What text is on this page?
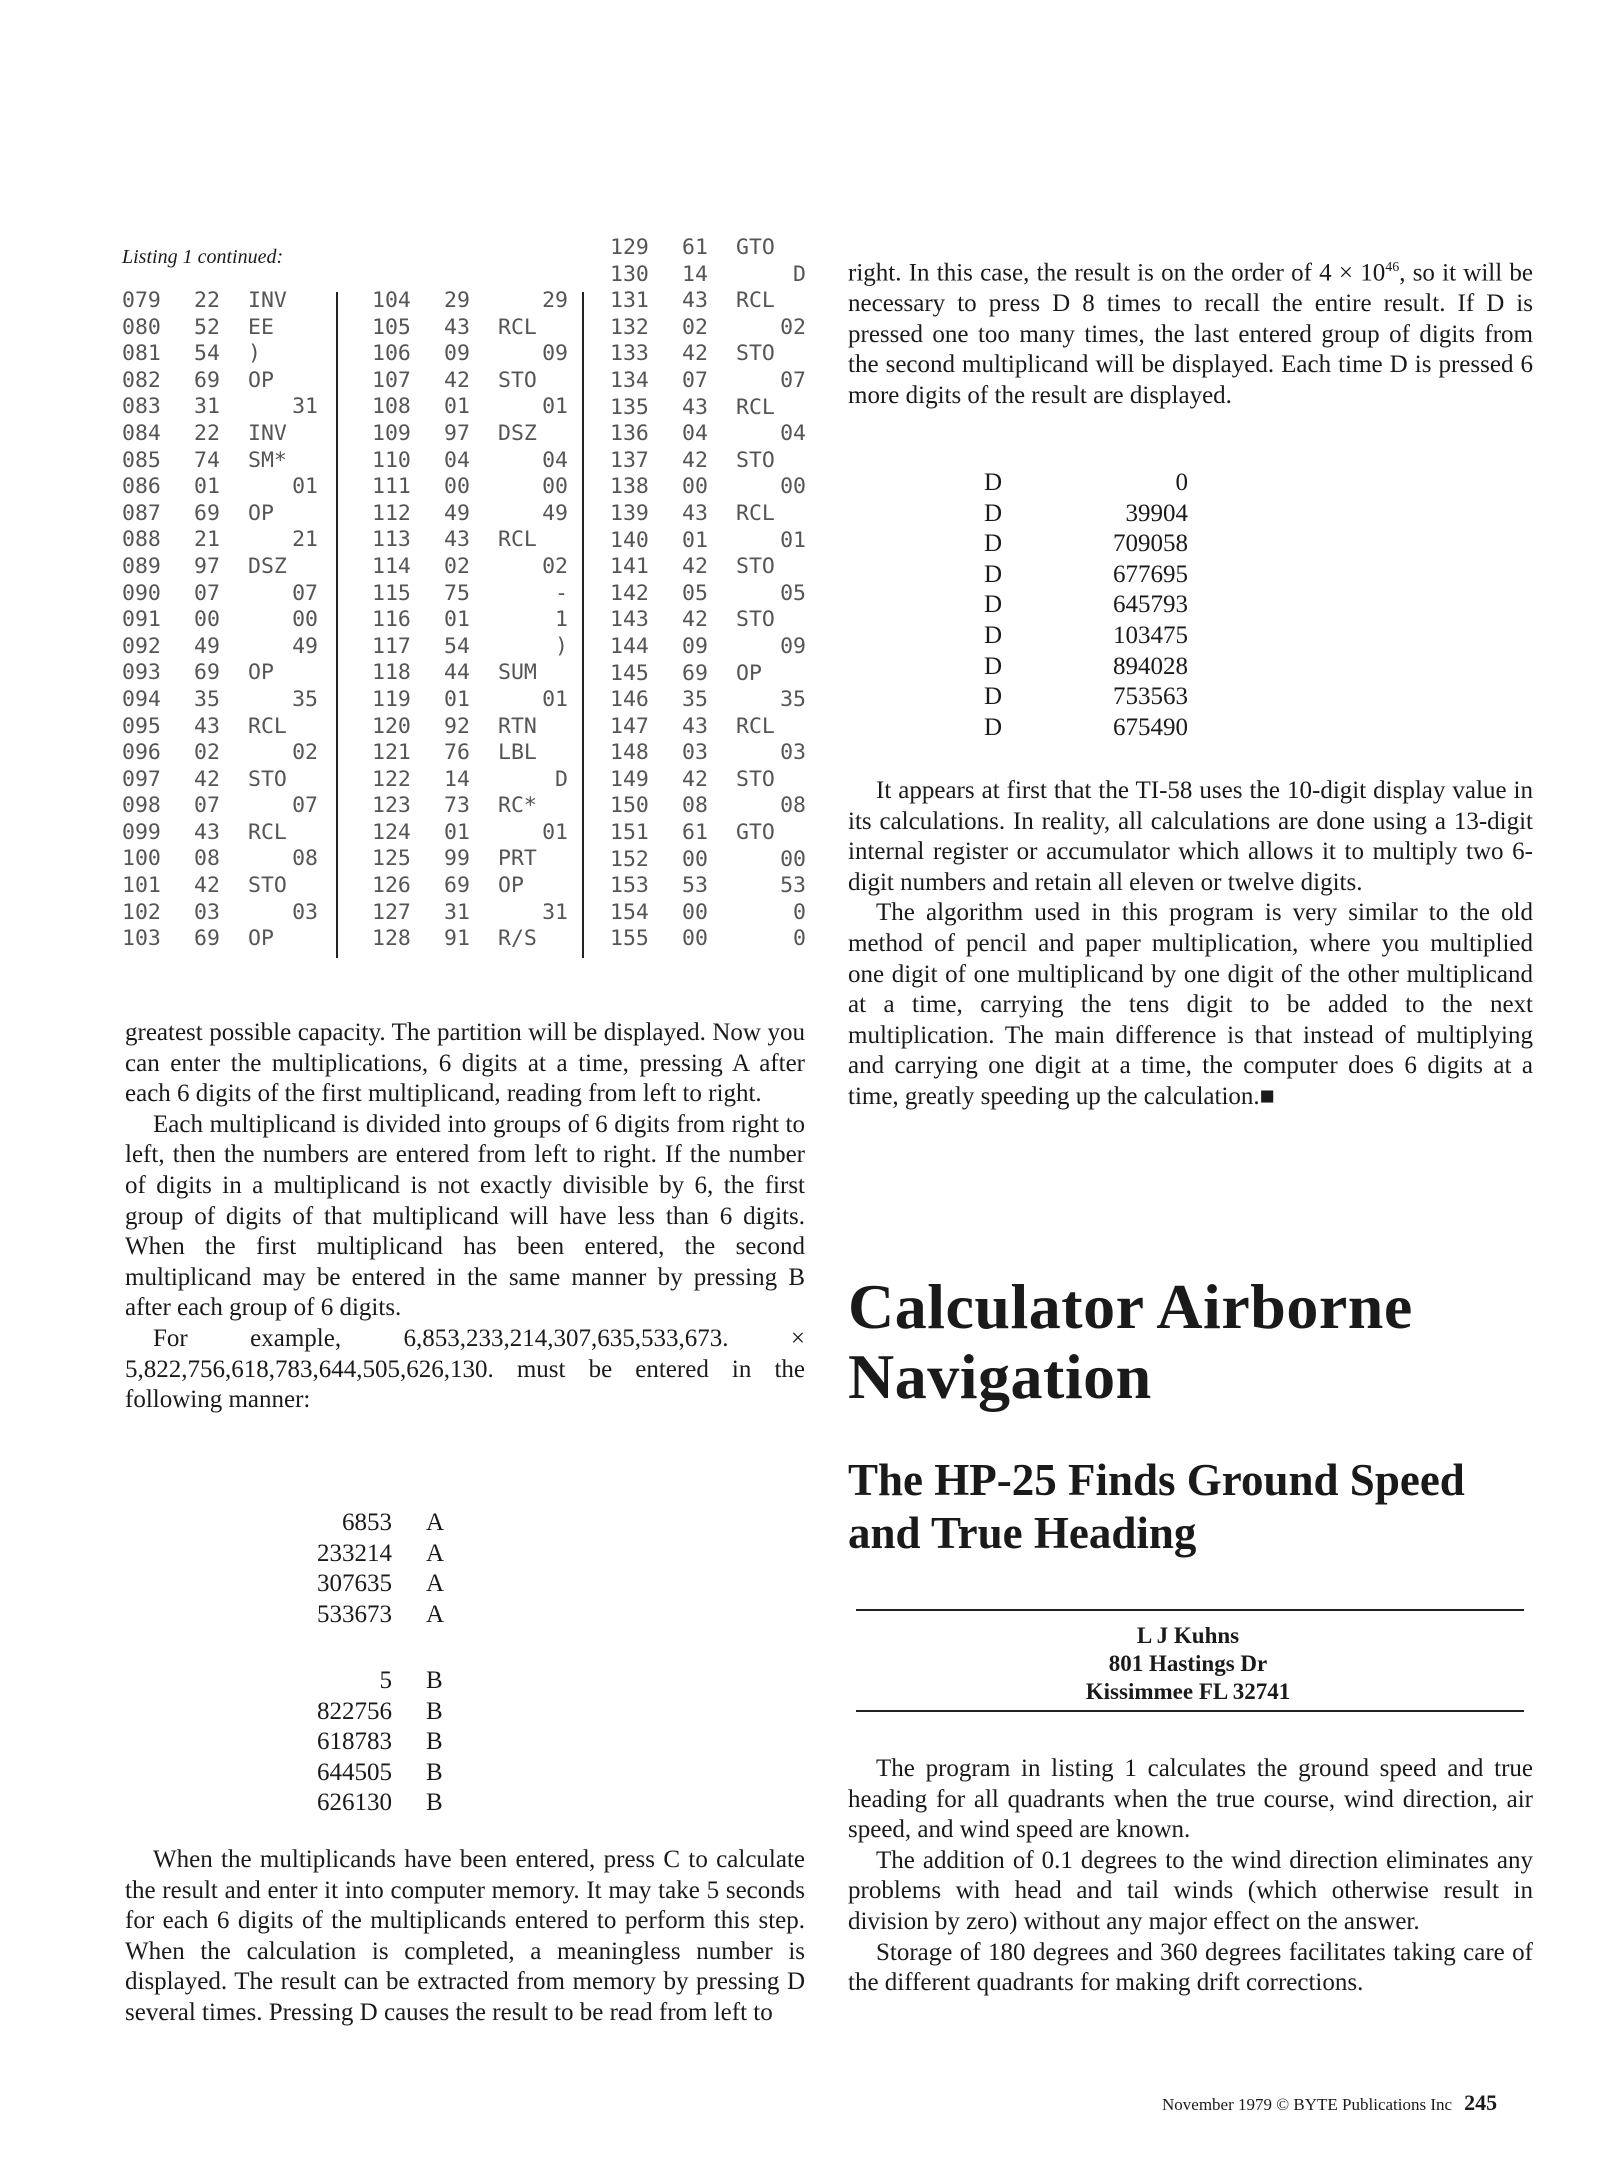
Listing 1 continued:
079	22	INV
080	52	EE
081	54	)
082	69	OP
083	31	31
084	22	INV
085	74	SM*
086	01	01
087	69	OP
088	21	21
089	97	DSZ
090	07	07
091	00	00
092	49	49
093	69	OP
094	35	35
095	43	RCL
096	02	02
097	42	STO
098	07	07
099	43	RCL
100	08	08
101	42	STO
102	03	03
103	69	OP
104	29	29
105	43	RCL
106	09	09
107	42	STO
108	01	01
109	97	DSZ
110	04	04
111	00	00
112	49	49
113	43	RCL
114	02	02
115	75	-
116	01	1
117	54	)
118	44	SUM
119	01	01
120	92	RTN
121	76	LBL
122	14	D
123	73	RC*
124	01	01
125	99	PRT
126	69	OP
127	31	31
128	91	R/S
129	61	GTO
130	14	D
131	43	RCL
132	02	02
133	42	STO
134	07	07
135	43	RCL
136	04	04
137	42	STO
138	00	00
139	43	RCL
140	01	01
141	42	STO
142	05	05
143	42	STO
144	09	09
145	69	OP
146	35	35
147	43	RCL
148	03	03
149	42	STO
150	08	08
151	61	GTO
152	00	00
153	53	53
154	00	0
155	00	0

greatest possible capacity. The partition will be displayed. Now you can enter the multiplications, 6 digits at a time, pressing A after each 6 digits of the first multiplicand, reading from left to right.

Each multiplicand is divided into groups of 6 digits from right to left, then the numbers are entered from left to right. If the number of digits in a multiplicand is not exactly divisible by 6, the first group of digits of that multiplicand will have less than 6 digits. When the first multiplicand has been entered, the second multiplicand may be entered in the same manner by pressing B after each group of 6 digits.

For example, 6,853,233,214,307,635,533,673. × 5,822,756,618,783,644,505,626,130. must be entered in the following manner:

6853	A
233214	A
307635	A
533673	A
5	B
822756	B
618783	B
644505	B
626130	B

When the multiplicands have been entered, press C to calculate the result and enter it into computer memory. It may take 5 seconds for each 6 digits of the multiplicands entered to perform this step. When the calculation is completed, a meaningless number is displayed. The result can be extracted from memory by pressing D several times. Pressing D causes the result to be read from left to

right. In this case, the result is on the order of $4 \times 10^{46}$, so it will be necessary to press D 8 times to recall the entire result. If D is pressed one too many times, the last entered group of digits from the second multiplicand will be displayed. Each time D is pressed 6 more digits of the result are displayed.

D	0
D	39904
D	709058
D	677695
D	645793
D	103475
D	894028
D	753563
D	675490

It appears at first that the TI-58 uses the 10-digit display value in its calculations. In reality, all calculations are done using a 13-digit internal register or accumulator which allows it to multiply two 6-digit numbers and retain all eleven or twelve digits.

The algorithm used in this program is very similar to the old method of pencil and paper multiplication, where you multiplied one digit of one multiplicand by one digit of the other multiplicand at a time, carrying the tens digit to be added to the next multiplication. The main difference is that instead of multiplying and carrying one digit at a time, the computer does 6 digits at a time, greatly speeding up the calculation.■

Calculator Airborne
Navigation
The HP-25 Finds Ground Speed
and True Heading
L J Kuhns
801 Hastings Dr
Kissimmee FL 32741

The program in listing 1 calculates the ground speed and true heading for all quadrants when the true course, wind direction, air speed, and wind speed are known.

The addition of 0.1 degrees to the wind direction eliminates any problems with head and tail winds (which otherwise result in division by zero) without any major effect on the answer.

Storage of 180 degrees and 360 degrees facilitates taking care of the different quadrants for making drift corrections.

November 1979 © BYTE Publications Inc 245
